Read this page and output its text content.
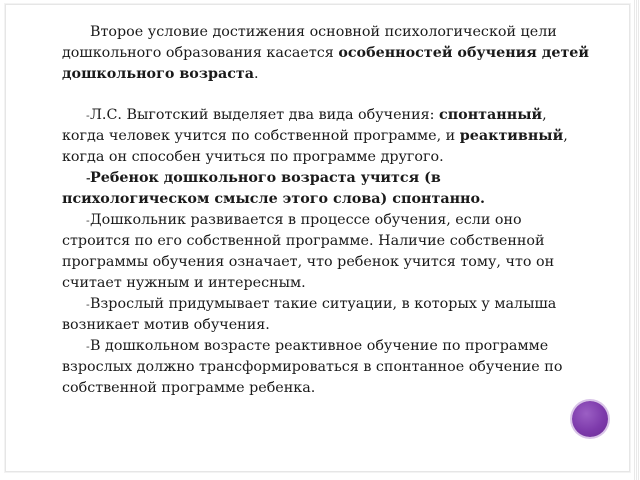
Второе условие достижения основной психологической цели дошкольного образования касается особенностей обучения детей дошкольного возраста.

- Л.С. Выготский выделяет два вида обучения: спонтанный, когда человек учится по собственной программе, и реактивный, когда он способен учиться по программе другого.

- Ребенок дошкольного возраста учится (в психологическом смысле этого слова) спонтанно.

- Дошкольник развивается в процессе обучения, если оно строится по его собственной программе. Наличие собственной программы обучения означает, что ребенок учится тому, что он считает нужным и интересным.

- Взрослый придумывает такие ситуации, в которых у малыша возникает мотив обучения.

- В дошкольном возрасте реактивное обучение по программе взрослых должно трансформироваться в спонтанное обучение по собственной программе ребенка.
